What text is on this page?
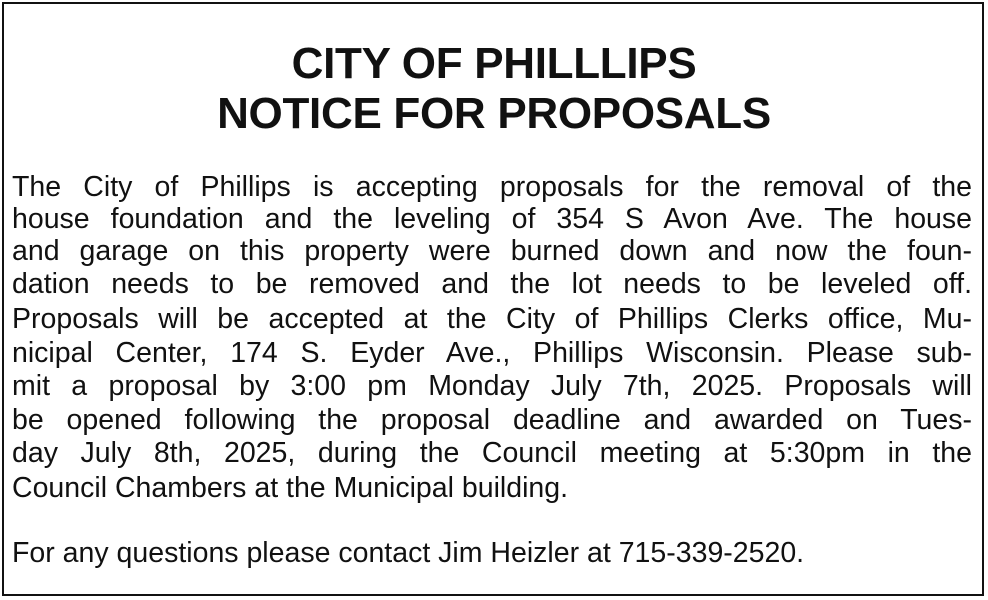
CITY OF PHILLLIPS
NOTICE FOR PROPOSALS

The City of Phillips is accepting proposals for the removal of the

house foundation and the leveling of 354 S Avon Ave. The house

and garage on this property were burned down and now the foun-

dation needs to be removed and the lot needs to be leveled off.

Proposals will be accepted at the City of Phillips Clerks office, Mu-

nicipal Center, 174 S. Eyder Ave., Phillips Wisconsin. Please sub-

mit a proposal by 3:00 pm Monday July 7th, 2025. Proposals will

be opened following the proposal deadline and awarded on Tues-

day July 8th, 2025, during the Council meeting at 5:30pm in the

Council Chambers at the Municipal building.

For any questions please contact Jim Heizler at 715-339-2520.
